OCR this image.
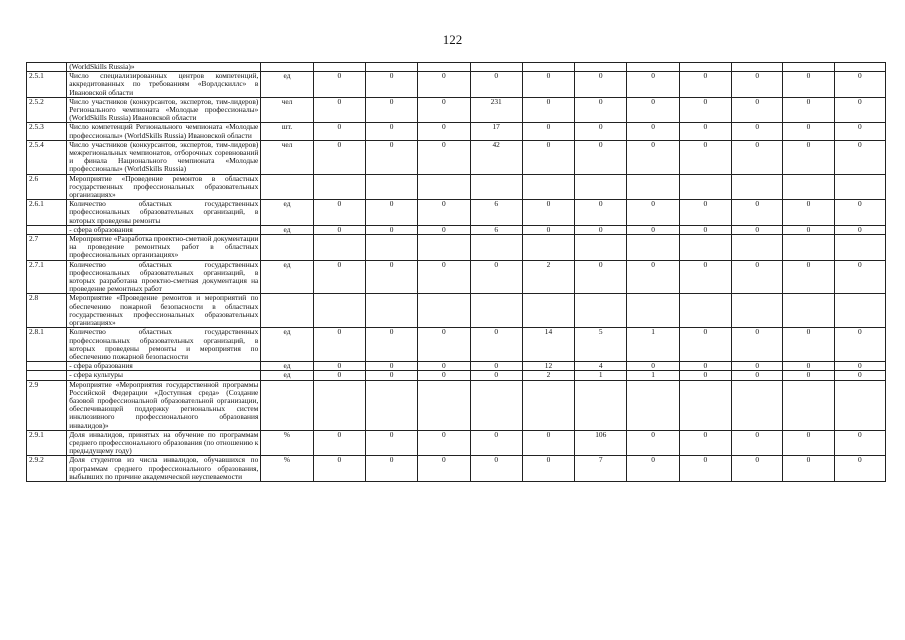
122
	(WorldSkills Russia)»												
2.5.1	Число специализированных центров компетенций, аккредитованных по требованиям «Ворлдскиллс» в Ивановской области	ед	0	0	0	0	0	0	0	0	0	0	0
2.5.2	Число участников (конкурсантов, экспертов, тим-лидеров) Регионального чемпионата «Молодые профессионалы» (WorldSkills Russia) Ивановской области	чел	0	0	0	231	0	0	0	0	0	0	0
2.5.3	Число компетенций Регионального чемпионата «Молодые профессионалы» (WorldSkills Russia) Ивановской области	шт.	0	0	0	17	0	0	0	0	0	0	0
2.5.4	Число участников (конкурсантов, экспертов, тим-лидеров) межрегиональных чемпионатов, отборочных соревнований и финала Национального чемпионата «Молодые профессионалы» (WorldSkills Russia)	чел	0	0	0	42	0	0	0	0	0	0	0
2.6	Мероприятие «Проведение ремонтов в областных государственных профессиональных образовательных организациях»												
2.6.1	Количество областных государственных профессиональных образовательных организаций, в которых проведены ремонты	ед	0	0	0	6	0	0	0	0	0	0	0
	- сфера образования	ед	0	0	0	6	0	0	0	0	0	0	0
2.7	Мероприятие «Разработка проектно-сметной документации на проведение ремонтных работ в областных профессиональных организациях»												
2.7.1	Количество областных государственных профессиональных образовательных организаций, в которых разработана проектно-сметная документация на проведение ремонтных работ	ед	0	0	0	0	2	0	0	0	0	0	0
2.8	Мероприятие «Проведение ремонтов и мероприятий по обеспечению пожарной безопасности в областных государственных профессиональных образовательных организациях»												
2.8.1	Количество областных государственных профессиональных образовательных организаций, в которых проведены ремонты и мероприятия по обеспечению пожарной безопасности	ед	0	0	0	0	14	5	1	0	0	0	0
	- сфера образования	ед	0	0	0	0	12	4	0	0	0	0	0
	- сфера культуры	ед	0	0	0	0	2	1	1	0	0	0	0
2.9	Мероприятие «Мероприятия государственной программы Российской Федерации «Доступная среда» (Создание базовой профессиональной образовательной организации, обеспечивающей поддержку региональных систем инклюзивного профессионального образования инвалидов)»												
2.9.1	Доля инвалидов, принятых на обучение по программам среднего профессионального образования (по отношению к предыдущему году)	%	0	0	0	0	0	106	0	0	0	0	0
2.9.2	Доля студентов из числа инвалидов, обучавшихся по программам среднего профессионального образования, выбывших по причине академической неуспеваемости	%	0	0	0	0	0	7	0	0	0	0	0
